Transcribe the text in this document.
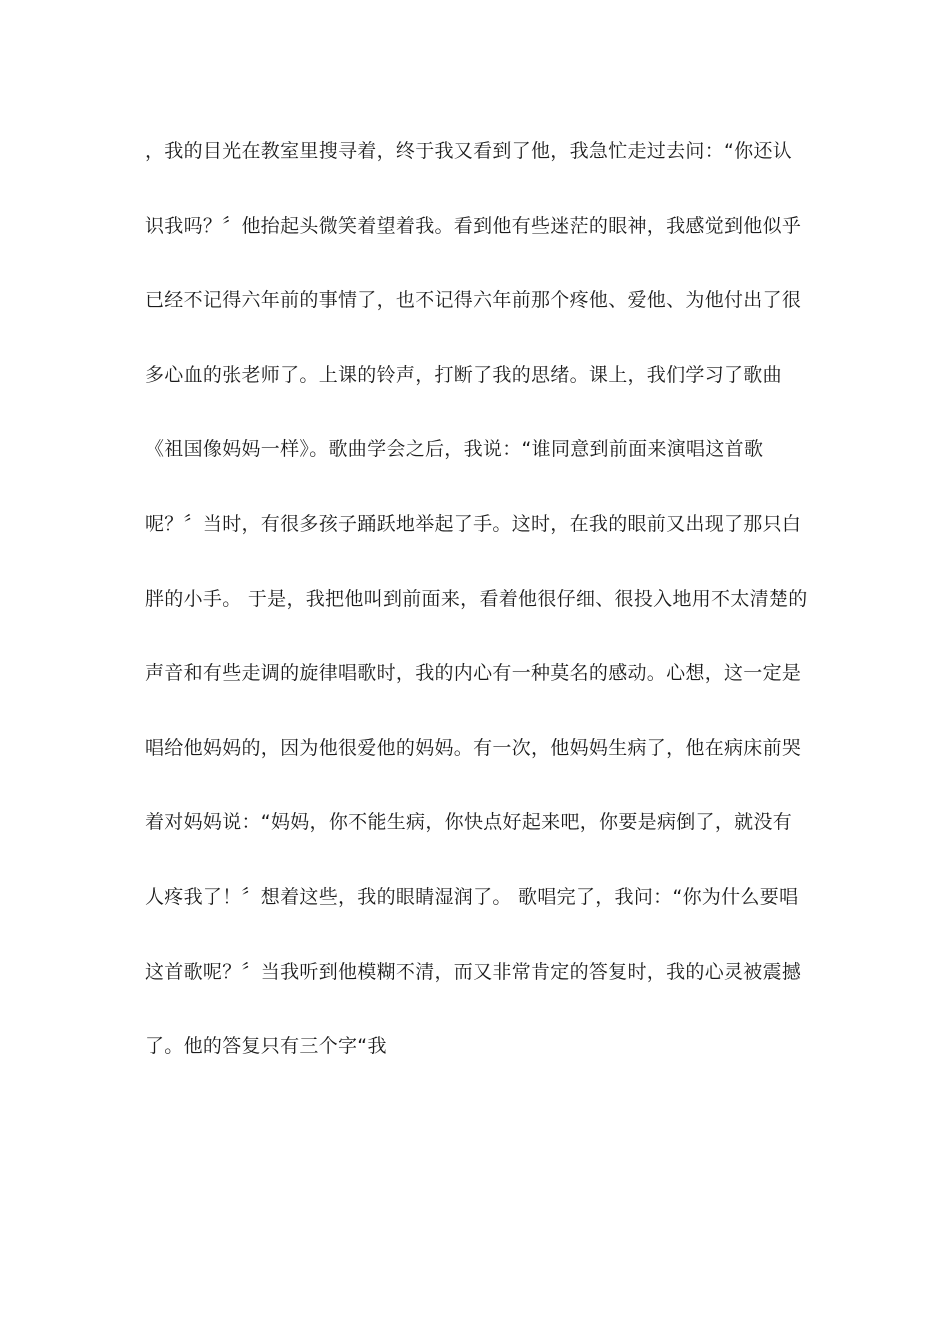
，我的目光在教室里搜寻着，终于我又看到了他，我急忙走过去问：“你还认
识我吗？〞他抬起头微笑着望着我。看到他有些迷茫的眼神，我感觉到他似乎
已经不记得六年前的事情了，也不记得六年前那个疼他、爱他、为他付出了很
多心血的张老师了。上课的铃声，打断了我的思绪。课上，我们学习了歌曲
《祖国像妈妈一样》。歌曲学会之后，我说：“谁同意到前面来演唱这首歌
呢？〞当时，有很多孩子踊跃地举起了手。这时，在我的眼前又出现了那只白
胖的小手。 于是，我把他叫到前面来，看着他很仔细、很投入地用不太清楚的
声音和有些走调的旋律唱歌时，我的内心有一种莫名的感动。心想，这一定是
唱给他妈妈的，因为他很爱他的妈妈。有一次，他妈妈生病了，他在病床前哭
着对妈妈说：“妈妈，你不能生病，你快点好起来吧，你要是病倒了，就没有
人疼我了！〞想着这些，我的眼睛湿润了。 歌唱完了，我问：“你为什么要唱
这首歌呢？〞当我听到他模糊不清，而又非常肯定的答复时，我的心灵被震撼
了。他的答复只有三个字“我
